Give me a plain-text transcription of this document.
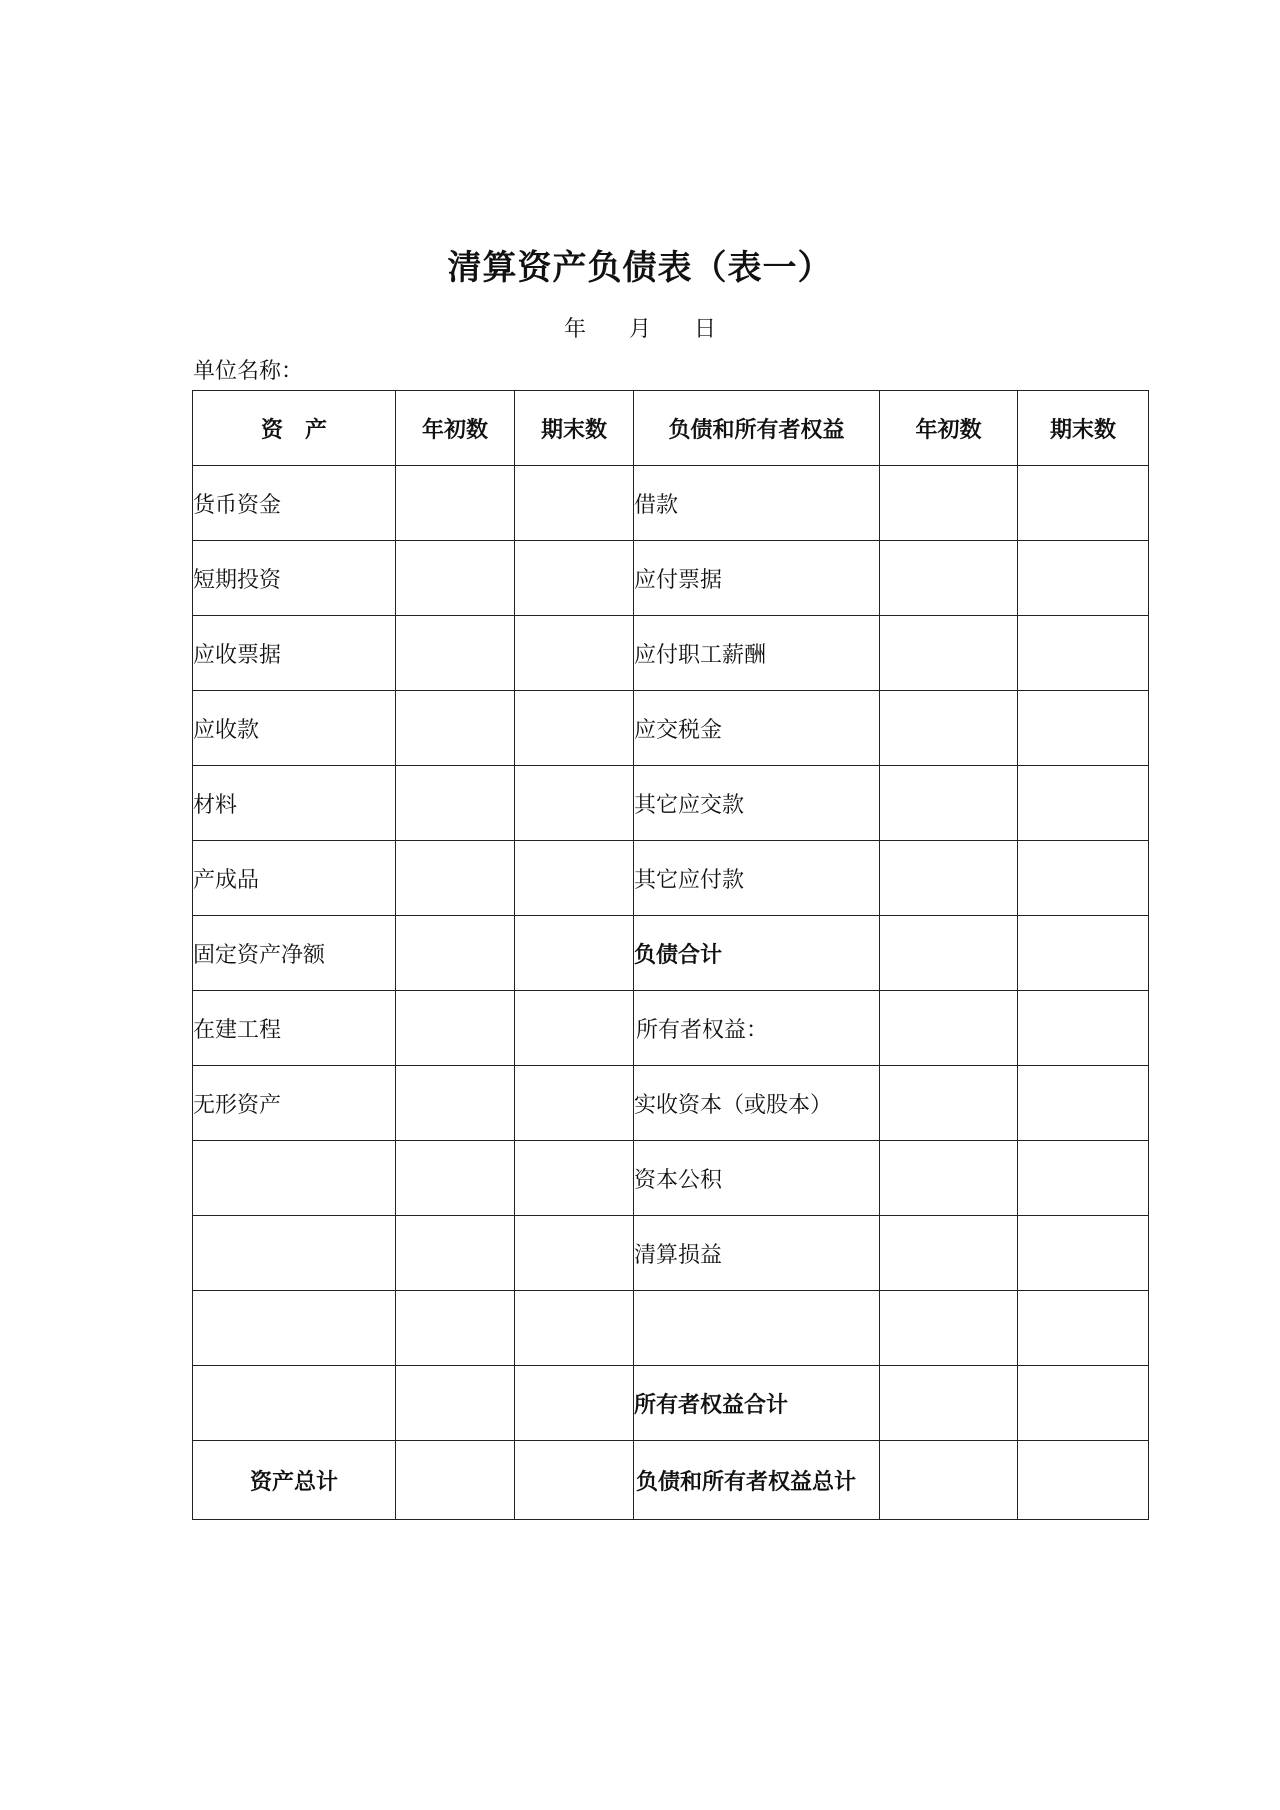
清算资产负债表（表一）
年 月 日
单位名称：
资　产	年初数	期末数	负债和所有者权益	年初数	期末数
货币资金			借款		
短期投资			应付票据		
应收票据			应付职工薪酬		
应收款			应交税金		
材料			其它应交款		
产成品			其它应付款		
固定资产净额			负债合计		
在建工程			所有者权益：		
无形资产			实收资本（或股本）		
			资本公积		
			清算损益		

			所有者权益合计		
资产总计			负债和所有者权益总计		
